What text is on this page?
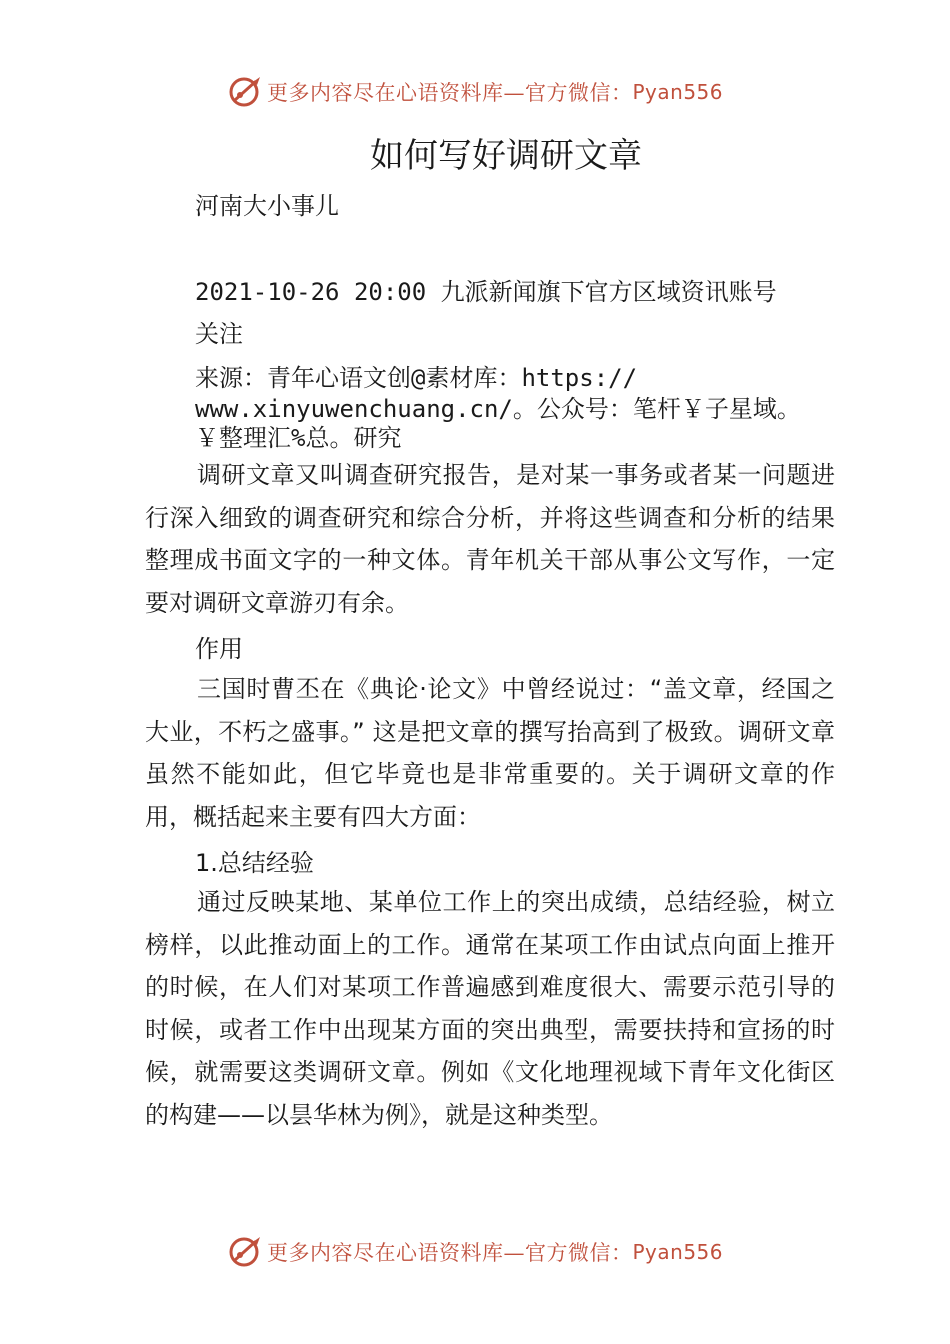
更多内容尽在心语资料库—官方微信： Pyan556
如何写好调研文章
河南大小事儿
2021-10-26 20:00 九派新闻旗下官方区域资讯账号
关注
来源：青年心语文创@素材库：https://
www.xinyuwenchuang.cn/。公众号：笔杆￥子星域。
￥整理汇%总。研究
调研文章又叫调查研究报告，是对某一事务或者某一问题进行深入细致的调查研究和综合分析，并将这些调查和分析的结果整理成书面文字的一种文体。青年机关干部从事公文写作，一定要对调研文章游刃有余。
作用
三国时曹丕在《典论·论文》中曾经说过：“盖文章，经国之大业，不朽之盛事。” 这是把文章的撰写抬高到了极致。调研文章虽然不能如此，但它毕竟也是非常重要的。关于调研文章的作用，概括起来主要有四大方面：
1.总结经验
通过反映某地、某单位工作上的突出成绩，总结经验，树立榜样，以此推动面上的工作。通常在某项工作由试点向面上推开的时候，在人们对某项工作普遍感到难度很大、需要示范引导的时候，或者工作中出现某方面的突出典型，需要扶持和宣扬的时候，就需要这类调研文章。例如《文化地理视域下青年文化街区的构建——以昙华林为例》，就是这种类型。
更多内容尽在心语资料库—官方微信： Pyan556
